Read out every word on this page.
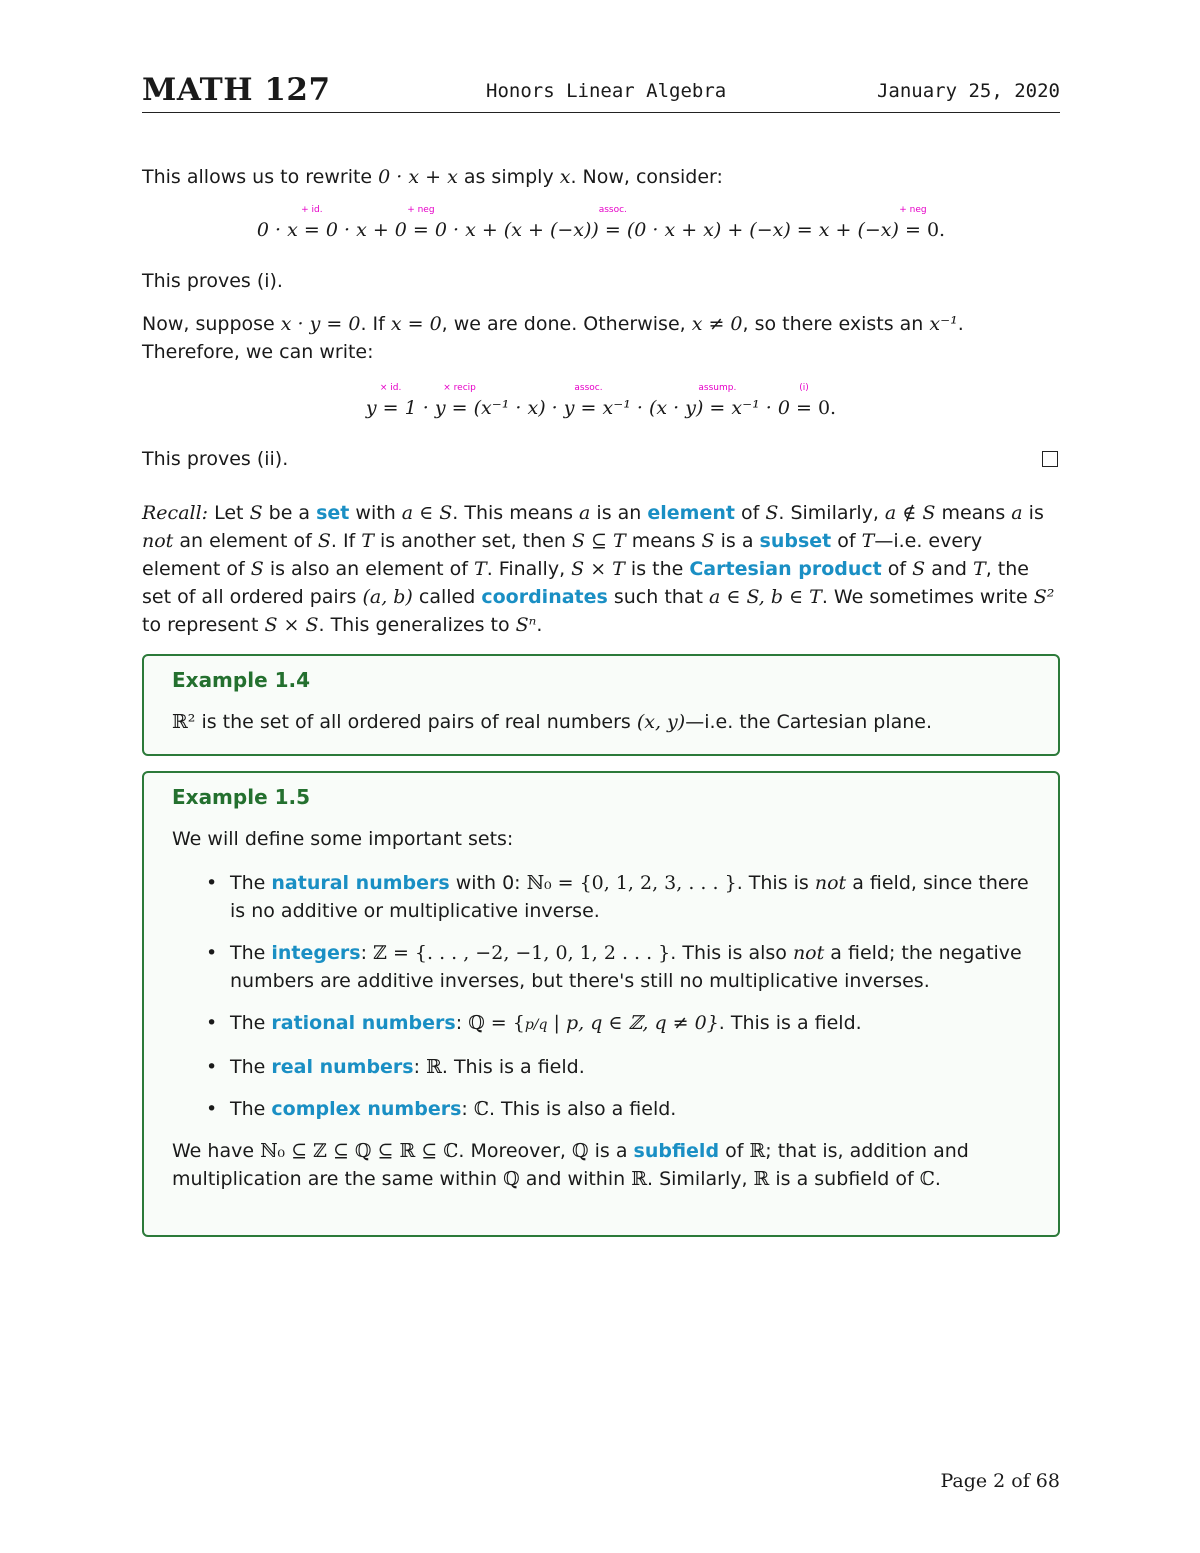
MATH 127	Honors Linear Algebra	January 25, 2020
This allows us to rewrite 0 · x + x as simply x. Now, consider:
0 · x
+ id.
= 0 · x + 0
+ neg
= 0 · x + (x + (−x))
assoc.
= (0 · x + x) + (−x) = x + (−x)
+ neg
= 0.
This proves (i).
Now, suppose x · y = 0. If x = 0, we are done. Otherwise, x ≠ 0, so there exists an x⁻¹. Therefore, we can write:
y
× id.
= 1 · y
× recip
= (x⁻¹ · x) · y
assoc.
= x⁻¹ · (x · y)
assump.
= x⁻¹ · 0
(i)
= 0.
This proves (ii).
Recall: Let S be a set with a ∈ S. This means a is an element of S. Similarly, a ∉ S means a is not an element of S. If T is another set, then S ⊆ T means S is a subset of T—i.e. every element of S is also an element of T. Finally, S × T is the Cartesian product of S and T, the set of all ordered pairs (a, b) called coordinates such that a ∈ S, b ∈ T. We sometimes write S² to represent S × S. This generalizes to Sⁿ.
Example 1.4
ℝ² is the set of all ordered pairs of real numbers (x, y)—i.e. the Cartesian plane.
Example 1.5
We will define some important sets:
• The natural numbers with 0: ℕ₀ = {0, 1, 2, 3, . . . }. This is not a field, since there is no additive or multiplicative inverse.
• The integers: ℤ = {. . . , −2, −1, 0, 1, 2 . . . }. This is also not a field; the negative numbers are additive inverses, but there's still no multiplicative inverses.
• The rational numbers: ℚ = {p/q | p, q ∈ ℤ, q ≠ 0}. This is a field.
• The real numbers: ℝ. This is a field.
• The complex numbers: ℂ. This is also a field.
We have ℕ₀ ⊆ ℤ ⊆ ℚ ⊆ ℝ ⊆ ℂ. Moreover, ℚ is a subfield of ℝ; that is, addition and multiplication are the same within ℚ and within ℝ. Similarly, ℝ is a subfield of ℂ.
Page 2 of 68
